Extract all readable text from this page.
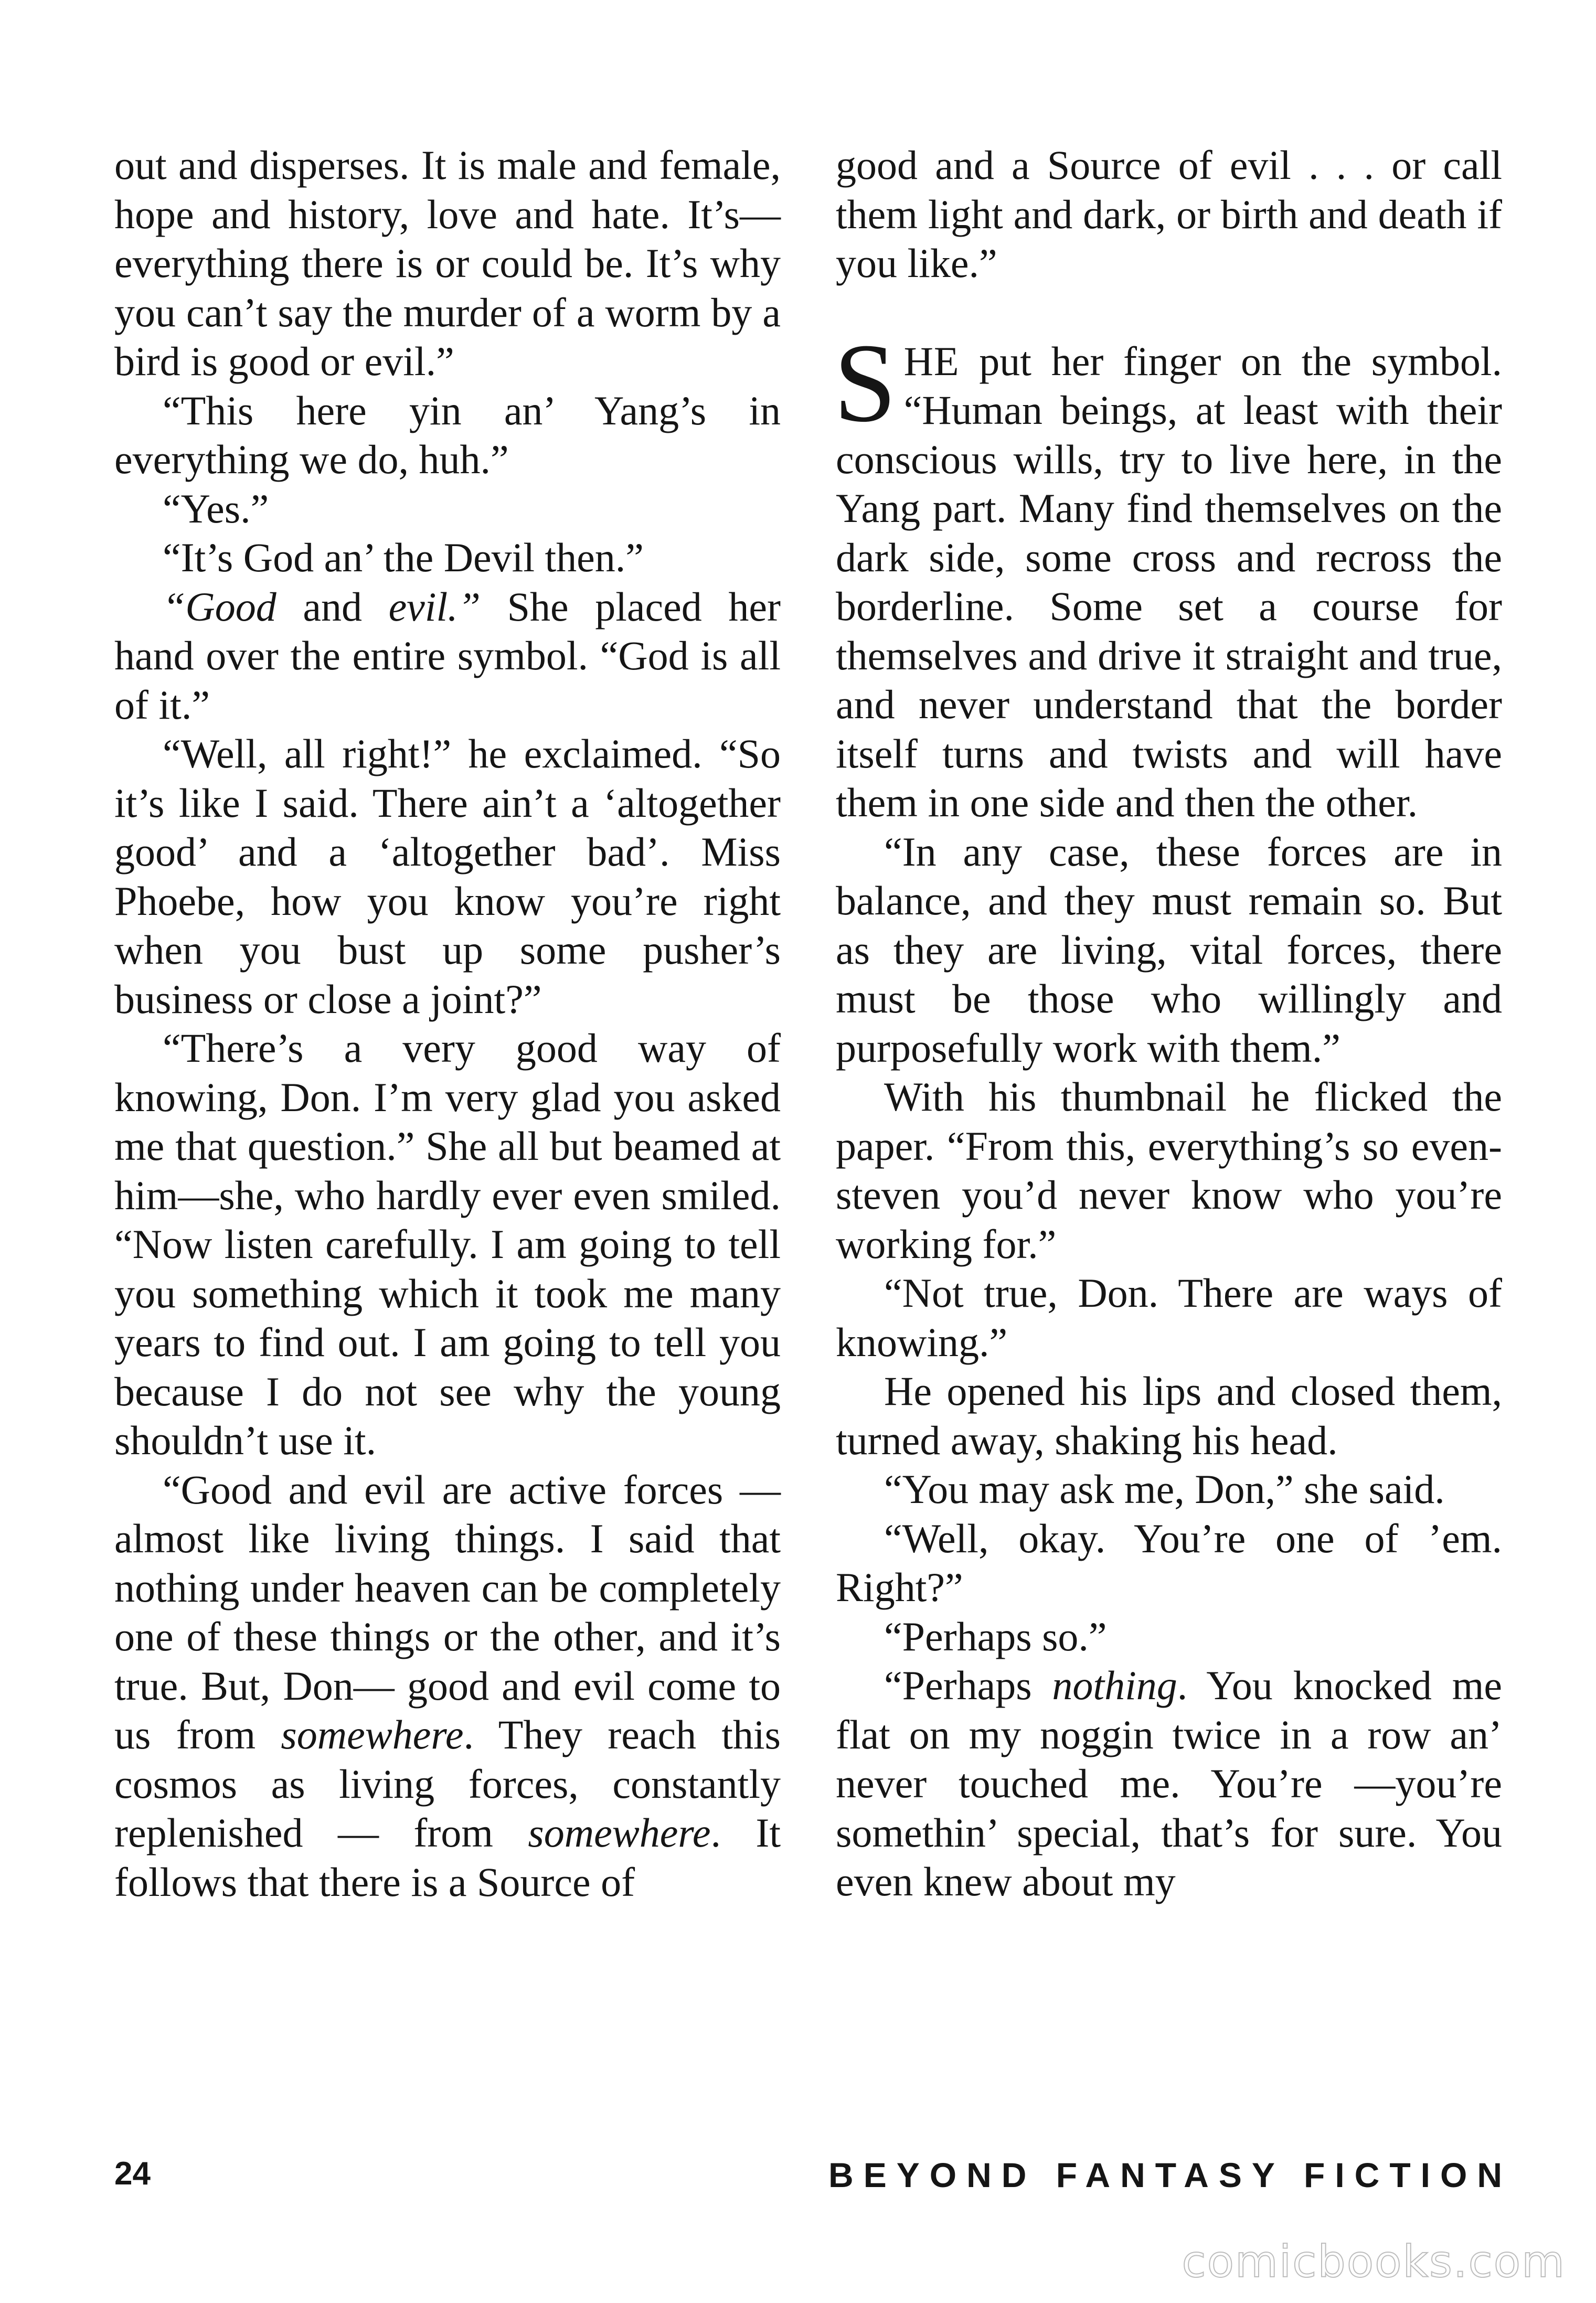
out and disperses. It is male and female, hope and history, love and hate. It’s—everything there is or could be. It’s why you can’t say the murder of a worm by a bird is good or evil.”

“This here yin an’ Yang’s in everything we do, huh.”

“Yes.”

“It’s God an’ the Devil then.”

“Good and evil.” She placed her hand over the entire symbol. “God is all of it.”

“Well, all right!” he exclaimed. “So it’s like I said. There ain’t a ‘altogether good’ and a ‘altogether bad’. Miss Phoebe, how you know you’re right when you bust up some pusher’s business or close a joint?”

“There’s a very good way of knowing, Don. I’m very glad you asked me that question.” She all but beamed at him—she, who hardly ever even smiled. “Now listen carefully. I am going to tell you something which it took me many years to find out. I am going to tell you because I do not see why the young shouldn’t use it.

“Good and evil are active forces —almost like living things. I said that nothing under heaven can be completely one of these things or the other, and it’s true. But, Don— good and evil come to us from somewhere. They reach this cosmos as living forces, constantly replenished — from somewhere. It follows that there is a Source of

good and a Source of evil . . . or call them light and dark, or birth and death if you like.”

SHE put her finger on the symbol. “Human beings, at least with their conscious wills, try to live here, in the Yang part. Many find themselves on the dark side, some cross and recross the borderline. Some set a course for themselves and drive it straight and true, and never understand that the border itself turns and twists and will have them in one side and then the other.

“In any case, these forces are in balance, and they must remain so. But as they are living, vital forces, there must be those who willingly and purposefully work with them.”

With his thumbnail he flicked the paper. “From this, everything’s so even-steven you’d never know who you’re working for.”

“Not true, Don. There are ways of knowing.”

He opened his lips and closed them, turned away, shaking his head.

“You may ask me, Don,” she said.

“Well, okay. You’re one of ’em. Right?”

“Perhaps so.”

“Perhaps nothing. You knocked me flat on my noggin twice in a row an’ never touched me. You’re —you’re somethin’ special, that’s for sure. You even knew about my

24	BEYOND FANTASY FICTION
comicbooks.com
